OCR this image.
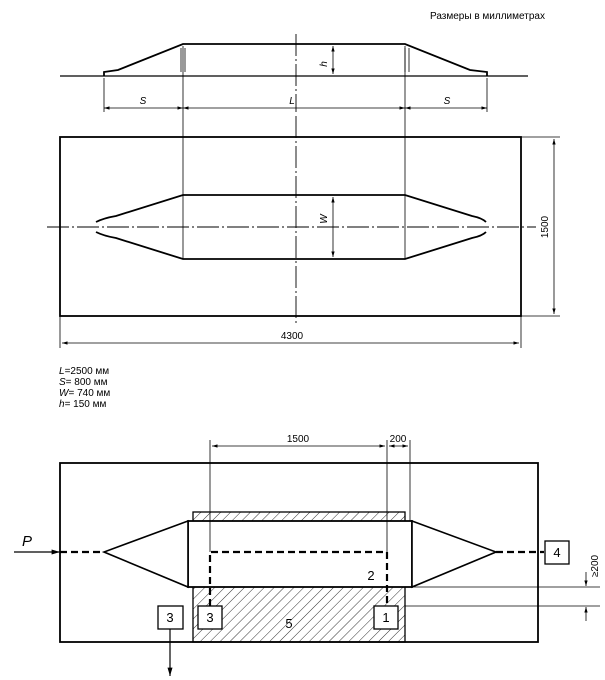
Размеры в миллиметрах
h
S	L	S
W	1500
4300
L=2500 мм
S= 800 мм
W= 740 мм
h= 150 мм
1500	200
≥200
P
2
5
4
1
3
3
